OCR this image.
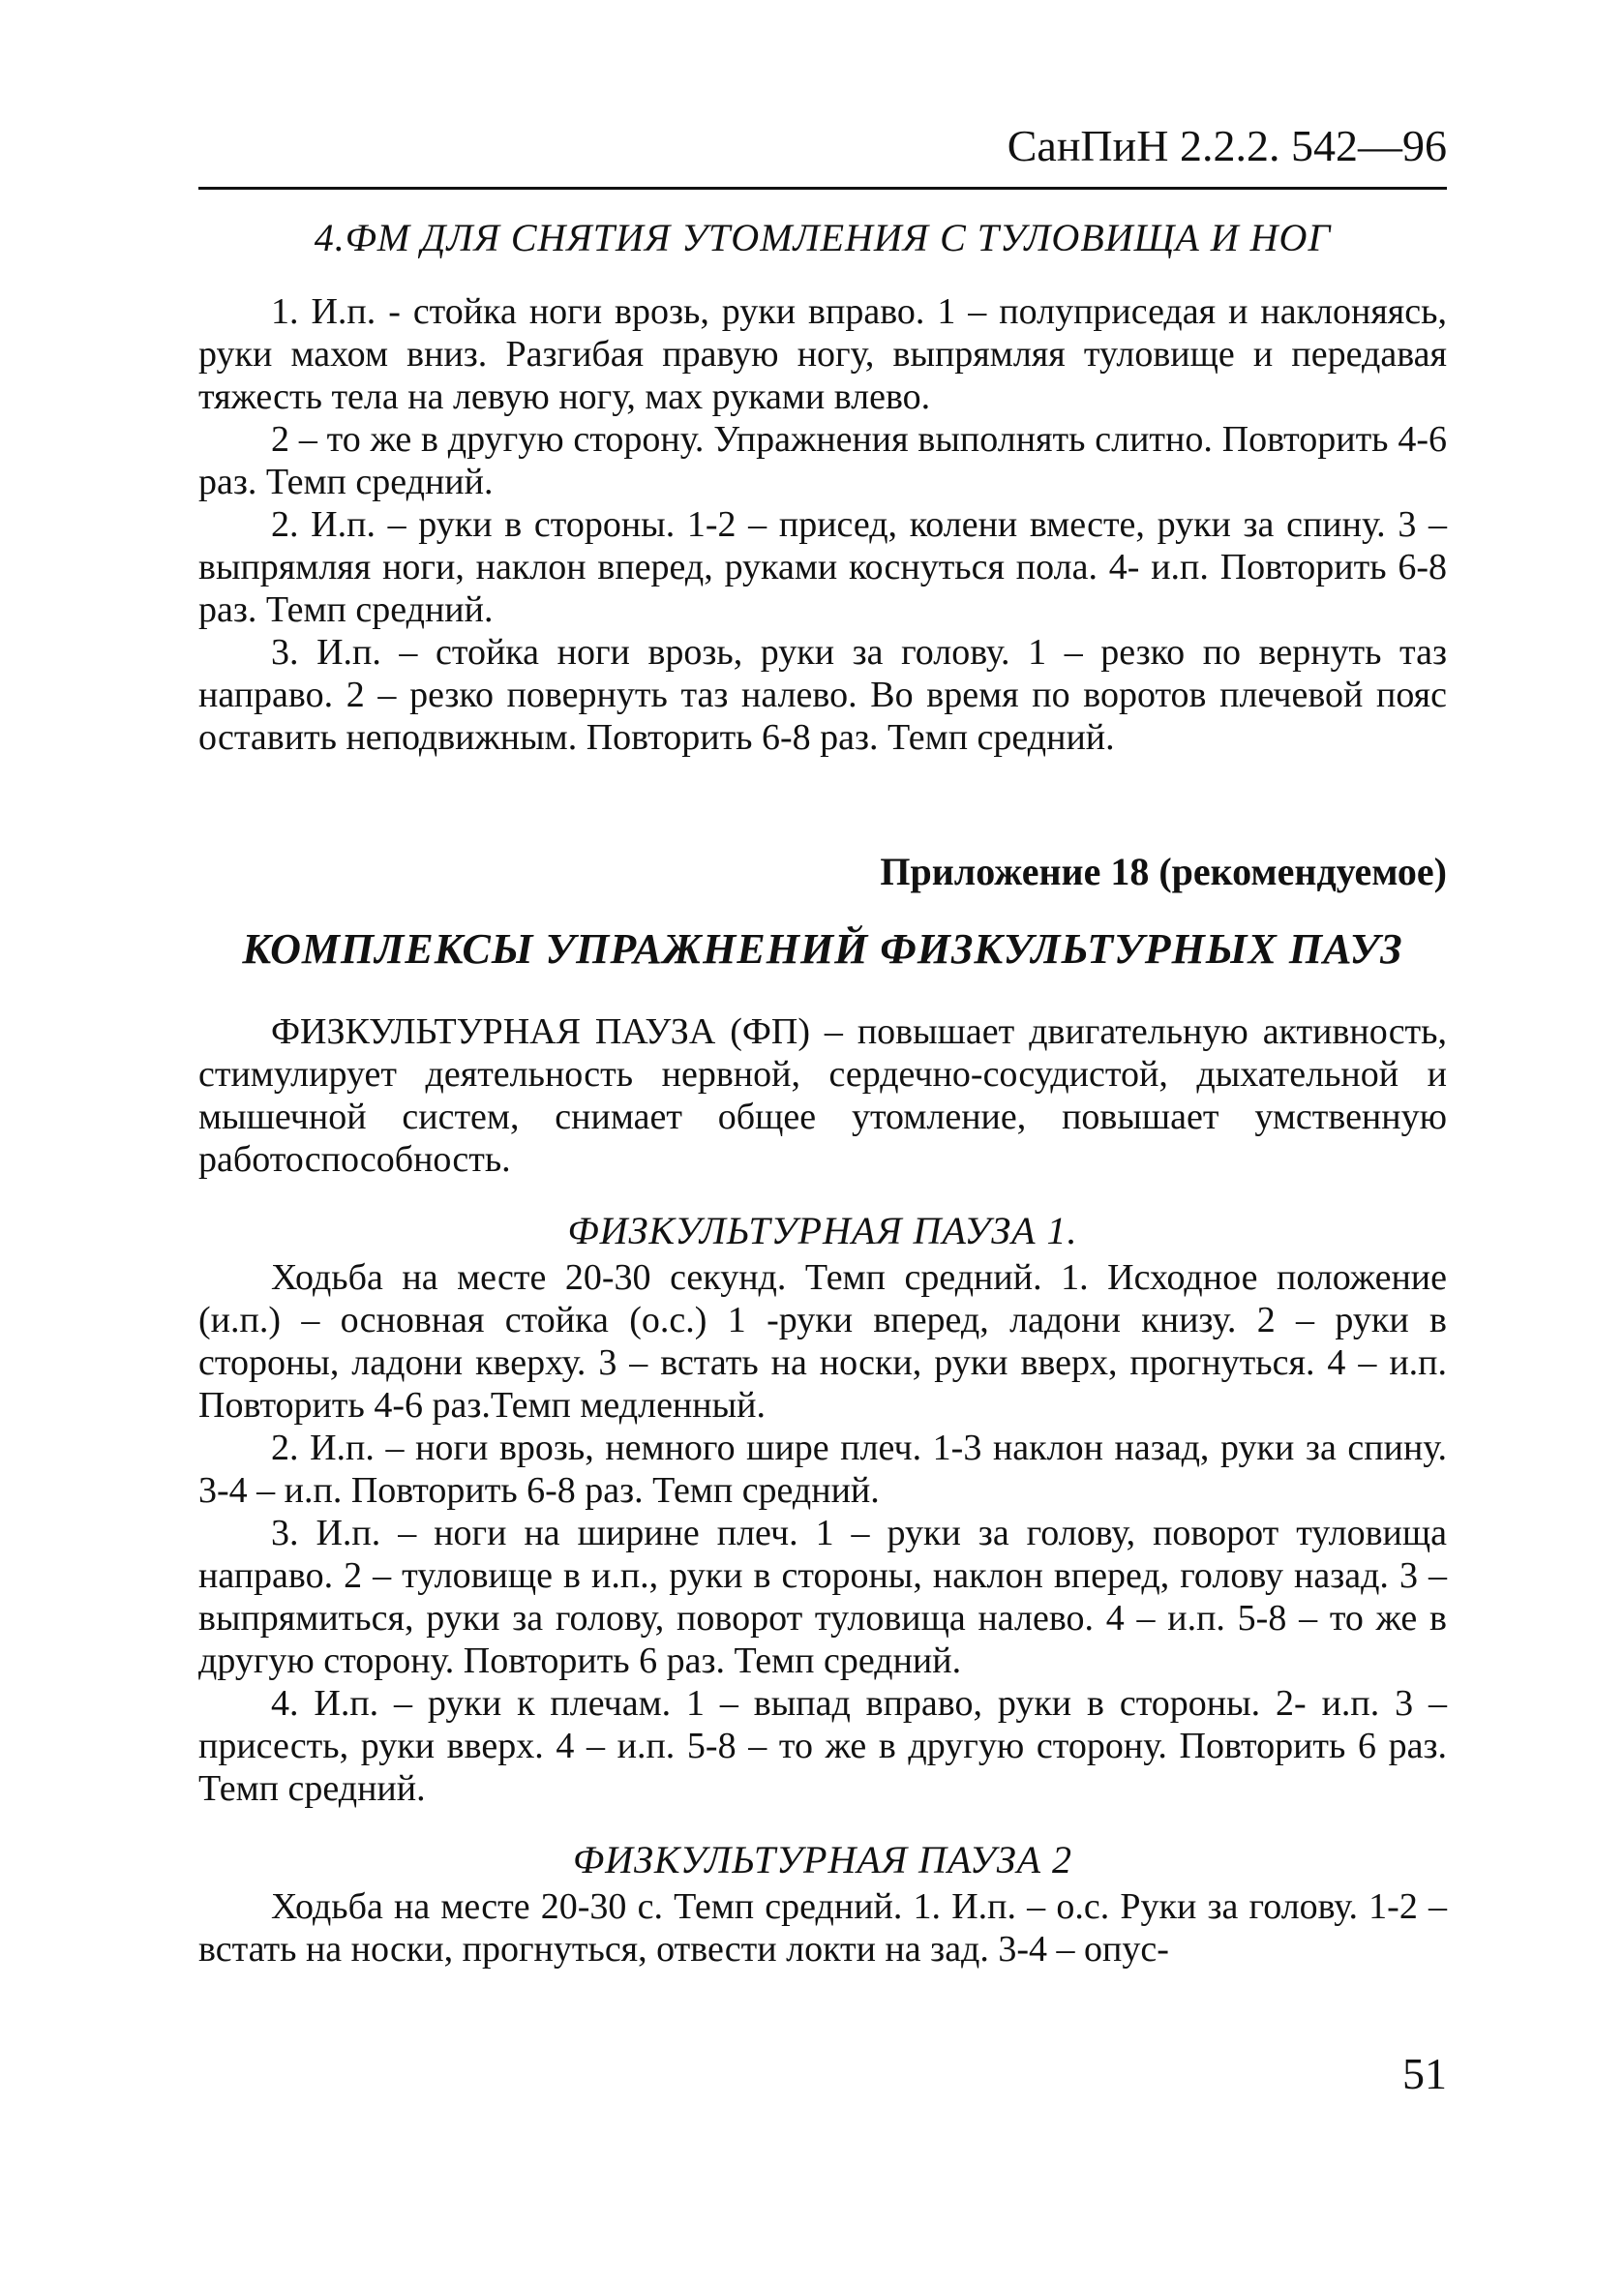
СанПиН 2.2.2. 542—96
4.ФМ ДЛЯ СНЯТИЯ УТОМЛЕНИЯ С ТУЛОВИЩА И НОГ

1. И.п. - стойка ноги врозь, руки вправо. 1 – полуприседая и наклоняясь, руки махом вниз. Разгибая правую ногу, выпрямляя туловище и передавая тяжесть тела на левую ногу, мах руками влево.

2 – то же в другую сторону. Упражнения выполнять слитно. Повторить 4-6 раз. Темп средний.

2. И.п. – руки в стороны. 1-2 – присед, колени вместе, руки за спину. 3 – выпрямляя ноги, наклон вперед, руками коснуться пола. 4- и.п. Повторить 6-8 раз. Темп средний.

3. И.п. – стойка ноги врозь, руки за голову. 1 – резко по вернуть таз направо. 2 – резко повернуть таз налево. Во время по воротов плечевой пояс оставить неподвижным. Повторить 6-8 раз. Темп средний.

Приложение 18 (рекомендуемое)
КОМПЛЕКСЫ УПРАЖНЕНИЙ ФИЗКУЛЬТУРНЫХ ПАУЗ

ФИЗКУЛЬТУРНАЯ ПАУЗА (ФП) – повышает двигательную активность, стимулирует деятельность нервной, сердечно-сосудистой, дыхательной и мышечной систем, снимает общее утомление, повышает умственную работоспособность.

ФИЗКУЛЬТУРНАЯ ПАУЗА 1.

Ходьба на месте 20-30 секунд. Темп средний. 1. Исходное положение (и.п.) – основная стойка (о.с.) 1 -руки вперед, ладони книзу. 2 – руки в стороны, ладони кверху. 3 – встать на носки, руки вверх, прогнуться. 4 – и.п. Повторить 4-6 раз.Темп медленный.

2. И.п. – ноги врозь, немного шире плеч. 1-3 наклон назад, руки за спину. 3-4 – и.п. Повторить 6-8 раз. Темп средний.

3. И.п. – ноги на ширине плеч. 1 – руки за голову, поворот туловища направо. 2 – туловище в и.п., руки в стороны, наклон вперед, голову назад. 3 – выпрямиться, руки за голову, поворот туловища налево. 4 – и.п. 5-8 – то же в другую сторону. Повторить 6 раз. Темп средний.

4. И.п. – руки к плечам. 1 – выпад вправо, руки в стороны. 2- и.п. 3 – присесть, руки вверх. 4 – и.п. 5-8 – то же в другую сторону. Повторить 6 раз. Темп средний.

ФИЗКУЛЬТУРНАЯ ПАУЗА 2

Ходьба на месте 20-30 с. Темп средний. 1. И.п. – о.с. Руки за голову. 1-2 – встать на носки, прогнуться, отвести локти на зад. 3-4 – опус-

51
